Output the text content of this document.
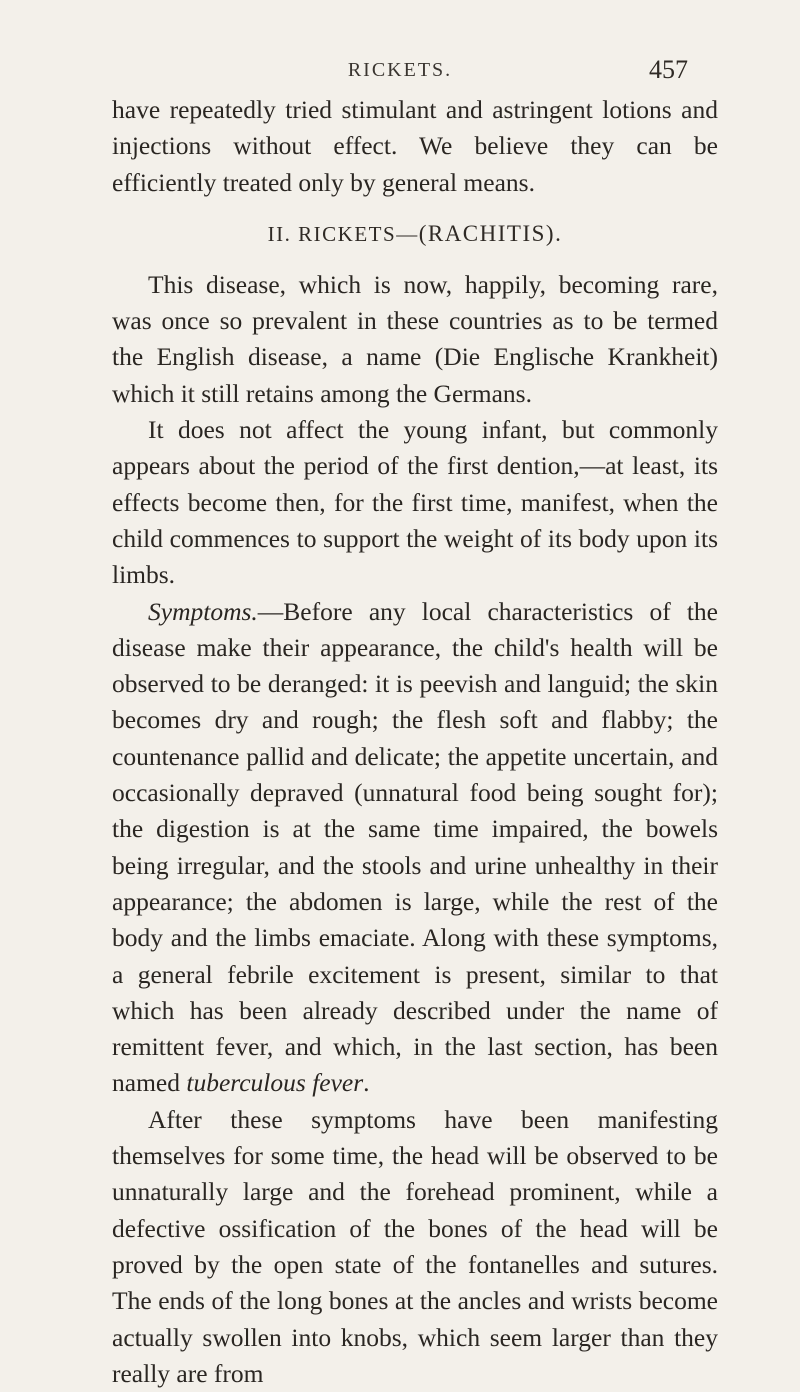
RICKETS.	457

have repeatedly tried stimulant and astringent lotions and injections without effect. We believe they can be efficiently treated only by general means.

II. RICKETS—(RACHITIS).

This disease, which is now, happily, becoming rare, was once so prevalent in these countries as to be termed the English disease, a name (Die Englische Krankheit) which it still retains among the Germans.

It does not affect the young infant, but commonly appears about the period of the first dention,—at least, its effects become then, for the first time, manifest, when the child commences to support the weight of its body upon its limbs.

Symptoms.—Before any local characteristics of the disease make their appearance, the child's health will be observed to be deranged: it is peevish and languid; the skin becomes dry and rough; the flesh soft and flabby; the countenance pallid and delicate; the appetite uncertain, and occasionally depraved (unnatural food being sought for); the digestion is at the same time impaired, the bowels being irregular, and the stools and urine unhealthy in their appearance; the abdomen is large, while the rest of the body and the limbs emaciate. Along with these symptoms, a general febrile excitement is present, similar to that which has been already described under the name of remittent fever, and which, in the last section, has been named tuberculous fever.

After these symptoms have been manifesting themselves for some time, the head will be observed to be unnaturally large and the forehead prominent, while a defective ossification of the bones of the head will be proved by the open state of the fontanelles and sutures. The ends of the long bones at the ancles and wrists become actually swollen into knobs, which seem larger than they really are from
